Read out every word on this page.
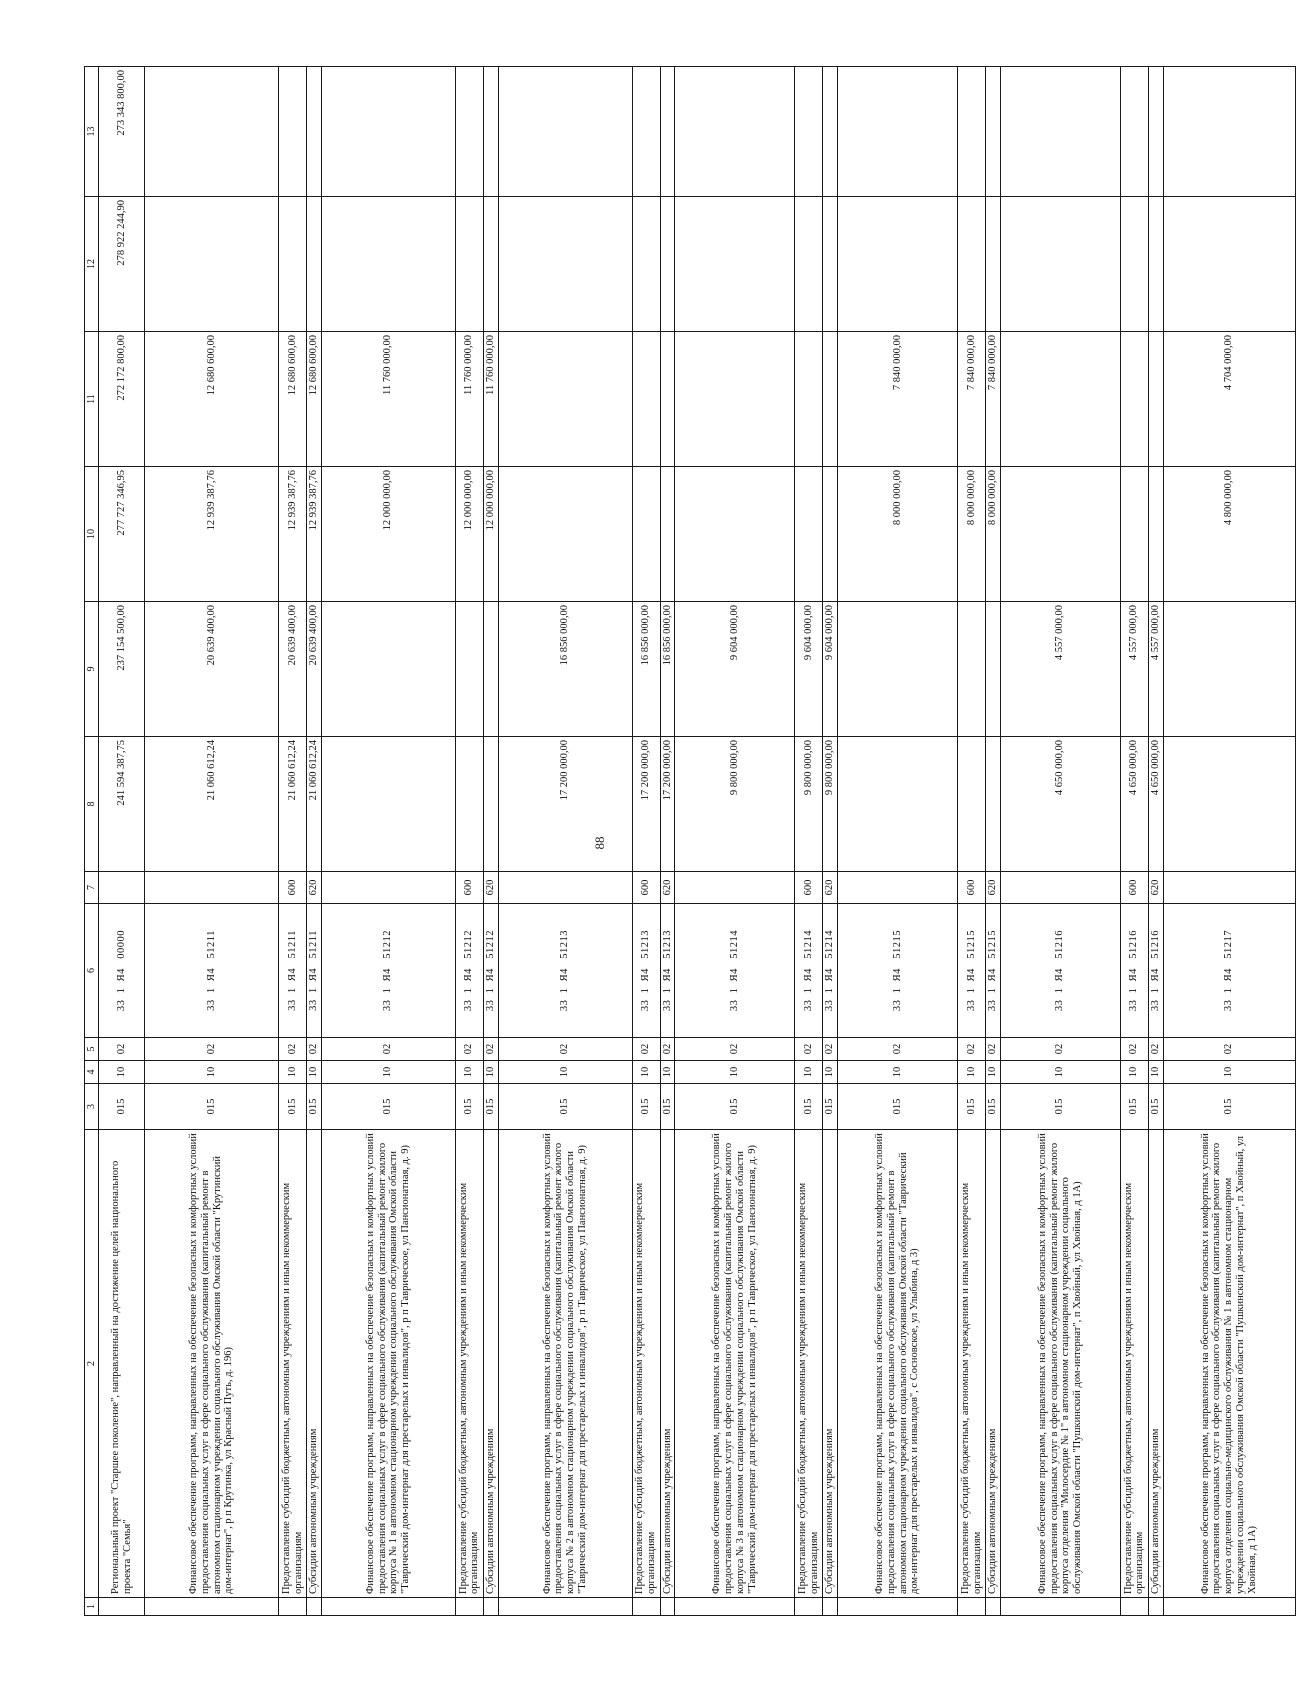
88
1	2	3	4	5	6	7	8	9	10	11	12	13
	Региональный проект "Старшее поколение", направленный на достижение целей национального проекта "Семья"	015	10	02	33  1  Я4   00000		241 594 387,75	237 154 500,00	277 727 346,95	272 172 800,00	278 922 244,90	273 343 800,00
	Финансовое обеспечение программ, направленных на обеспечение безопасных и комфортных условий предоставления социальных услуг в сфере социального обслуживания (капитальный ремонт в автономном стационарном учреждении социального обслуживания Омской области "Крутинский дом-интернат", р п Крутинка, ул Красный Путь, д. 196)	015	10	02	33  1  Я4   51211		21 060 612,24	20 639 400,00	12 939 387,76	12 680 600,00		
	Предоставление субсидий бюджетным, автономным учреждениям и иным некоммерческим организациям	015	10	02	33  1  Я4   51211	600	21 060 612,24	20 639 400,00	12 939 387,76	12 680 600,00		
	Субсидии автономным учреждениям	015	10	02	33  1  Я4   51211	620	21 060 612,24	20 639 400,00	12 939 387,76	12 680 600,00		
	Финансовое обеспечение программ, направленных на обеспечение безопасных и комфортных условий предоставления социальных услуг в сфере социального обслуживания (капитальный ремонт жилого корпуса № 1 в автономном стационарном учреждении социального обслуживания Омской области "Таврический дом-интернат для престарелых и инвалидов", р п Таврическое, ул Пансионатная, д. 9)	015	10	02	33  1  Я4   51212				12 000 000,00	11 760 000,00		
	Предоставление субсидий бюджетным, автономным учреждениям и иным некоммерческим организациям	015	10	02	33  1  Я4   51212	600			12 000 000,00	11 760 000,00		
	Субсидии автономным учреждениям	015	10	02	33  1  Я4   51212	620			12 000 000,00	11 760 000,00		
	Финансовое обеспечение программ, направленных на обеспечение безопасных и комфортных условий предоставления социальных услуг в сфере социального обслуживания (капитальный ремонт жилого корпуса № 2 в автономном стационарном учреждении социального обслуживания Омской области "Таврический дом-интернат для престарелых и инвалидов", р п Таврическое, ул Пансионатная, д. 9)	015	10	02	33  1  Я4   51213		17 200 000,00	16 856 000,00				
	Предоставление субсидий бюджетным, автономным учреждениям и иным некоммерческим организациям	015	10	02	33  1  Я4   51213	600	17 200 000,00	16 856 000,00				
	Субсидии автономным учреждениям	015	10	02	33  1  Я4   51213	620	17 200 000,00	16 856 000,00				
	Финансовое обеспечение программ, направленных на обеспечение безопасных и комфортных условий предоставления социальных услуг в сфере социального обслуживания (капитальный ремонт жилого корпуса № 3 в автономном стационарном учреждении социального обслуживания Омской области "Таврический дом-интернат для престарелых и инвалидов", р п Таврическое, ул Пансионатная, д. 9)	015	10	02	33  1  Я4   51214		9 800 000,00	9 604 000,00				
	Предоставление субсидий бюджетным, автономным учреждениям и иным некоммерческим организациям	015	10	02	33  1  Я4   51214	600	9 800 000,00	9 604 000,00				
	Субсидии автономным учреждениям	015	10	02	33  1  Я4   51214	620	9 800 000,00	9 604 000,00				
	Финансовое обеспечение программ, направленных на обеспечение безопасных и комфортных условий предоставления социальных услуг в сфере социального обслуживания (капитальный ремонт в автономном стационарном учреждении социального обслуживания Омской области "Таврический дом-интернат для престарелых и инвалидов", с Сосновское, ул Улыбина, д 3)	015	10	02	33  1  Я4   51215				8 000 000,00	7 840 000,00		
	Предоставление субсидий бюджетным, автономным учреждениям и иным некоммерческим организациям	015	10	02	33  1  Я4   51215	600			8 000 000,00	7 840 000,00		
	Субсидии автономным учреждениям	015	10	02	33  1  Я4   51215	620			8 000 000,00	7 840 000,00		
	Финансовое обеспечение программ, направленных на обеспечение безопасных и комфортных условий предоставления социальных услуг в сфере социального обслуживания (капитальный ремонт жилого корпуса отделения "Милосердие № 1" в автономном стационарном учреждении социального обслуживания Омской области "Пушкинский дом-интернат", п Хвойный, ул Хвойная, д 1А)	015	10	02	33  1  Я4   51216		4 650 000,00	4 557 000,00				
	Предоставление субсидий бюджетным, автономным учреждениям и иным некоммерческим организациям	015	10	02	33  1  Я4   51216	600	4 650 000,00	4 557 000,00				
	Субсидии автономным учреждениям	015	10	02	33  1  Я4   51216	620	4 650 000,00	4 557 000,00				
	Финансовое обеспечение программ, направленных на обеспечение безопасных и комфортных условий предоставления социальных услуг в сфере социального обслуживания (капитальный ремонт жилого корпуса отделения социально-медицинского обслуживания № 1 в автономном стационарном учреждении социального обслуживания Омской области "Пушкинский дом-интернат", п Хвойный, ул Хвойная, д 1А)	015	10	02	33  1  Я4   51217				4 800 000,00	4 704 000,00		
